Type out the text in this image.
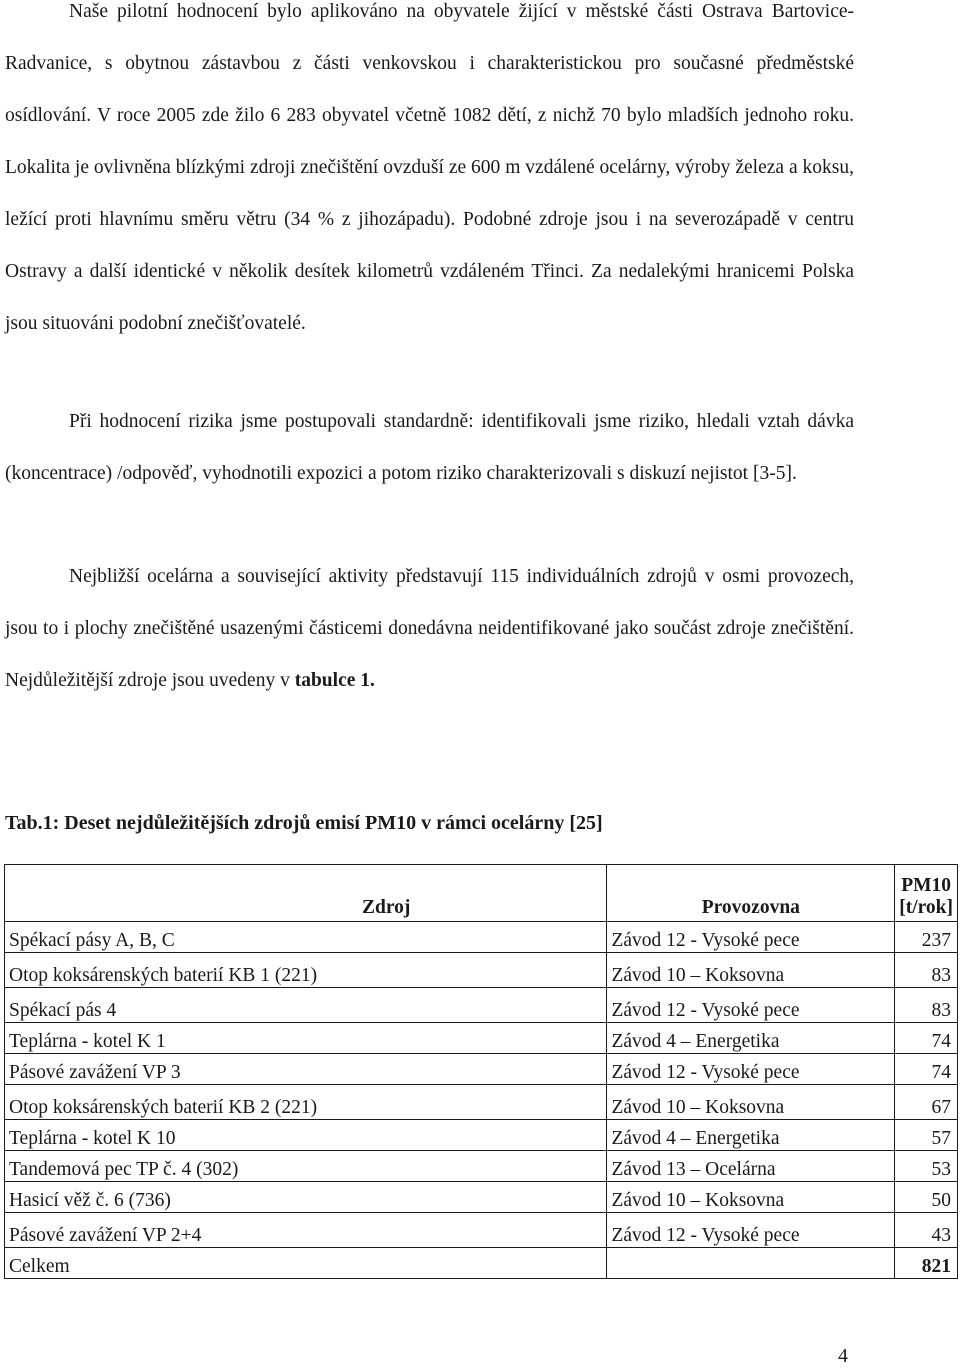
Naše pilotní hodnocení bylo aplikováno na obyvatele žijící v městské části Ostrava Bartovice-Radvanice, s obytnou zástavbou z části venkovskou i charakteristickou pro současné předměstské osídlování. V roce 2005 zde žilo 6 283 obyvatel včetně 1082 dětí, z nichž 70 bylo mladších jednoho roku. Lokalita je ovlivněna blízkými zdroji znečištění ovzduší ze 600 m vzdálené ocelárny, výroby železa a koksu, ležící proti hlavnímu směru větru (34 % z jihozápadu). Podobné zdroje jsou i na severozápadě v centru Ostravy a další identické v několik desítek kilometrů vzdáleném Třinci. Za nedalekými hranicemi Polska jsou situováni podobní znečišťovatelé.

Při hodnocení rizika jsme postupovali standardně: identifikovali jsme riziko, hledali vztah dávka (koncentrace) /odpověď, vyhodnotili expozici a potom riziko charakterizovali s diskuzí nejistot [3-5].

Nejbližší ocelárna a související aktivity představují 115 individuálních zdrojů v osmi provozech, jsou to i plochy znečištěné usazenými částicemi donedávna neidentifikované jako součást zdroje znečištění. Nejdůležitější zdroje jsou uvedeny v tabulce 1.

Tab.1: Deset nejdůležitějších zdrojů emisí PM10 v rámci ocelárny [25]

Zdroj	Provozovna	PM10 [t/rok]
Spékací pásy A, B, C	Závod 12 - Vysoké pece	237
Otop koksárenských baterií KB 1 (221)	Závod 10 – Koksovna	83
Spékací pás 4	Závod 12 - Vysoké pece	83
Teplárna - kotel K 1	Závod 4 – Energetika	74
Pásové zavážení VP 3	Závod 12 - Vysoké pece	74
Otop koksárenských baterií KB 2 (221)	Závod 10 – Koksovna	67
Teplárna - kotel K 10	Závod 4 – Energetika	57
Tandemová pec TP č. 4 (302)	Závod 13 – Ocelárna	53
Hasicí věž č. 6 (736)	Závod 10 – Koksovna	50
Pásové zavážení VP 2+4	Závod 12 - Vysoké pece	43
Celkem		821
4
